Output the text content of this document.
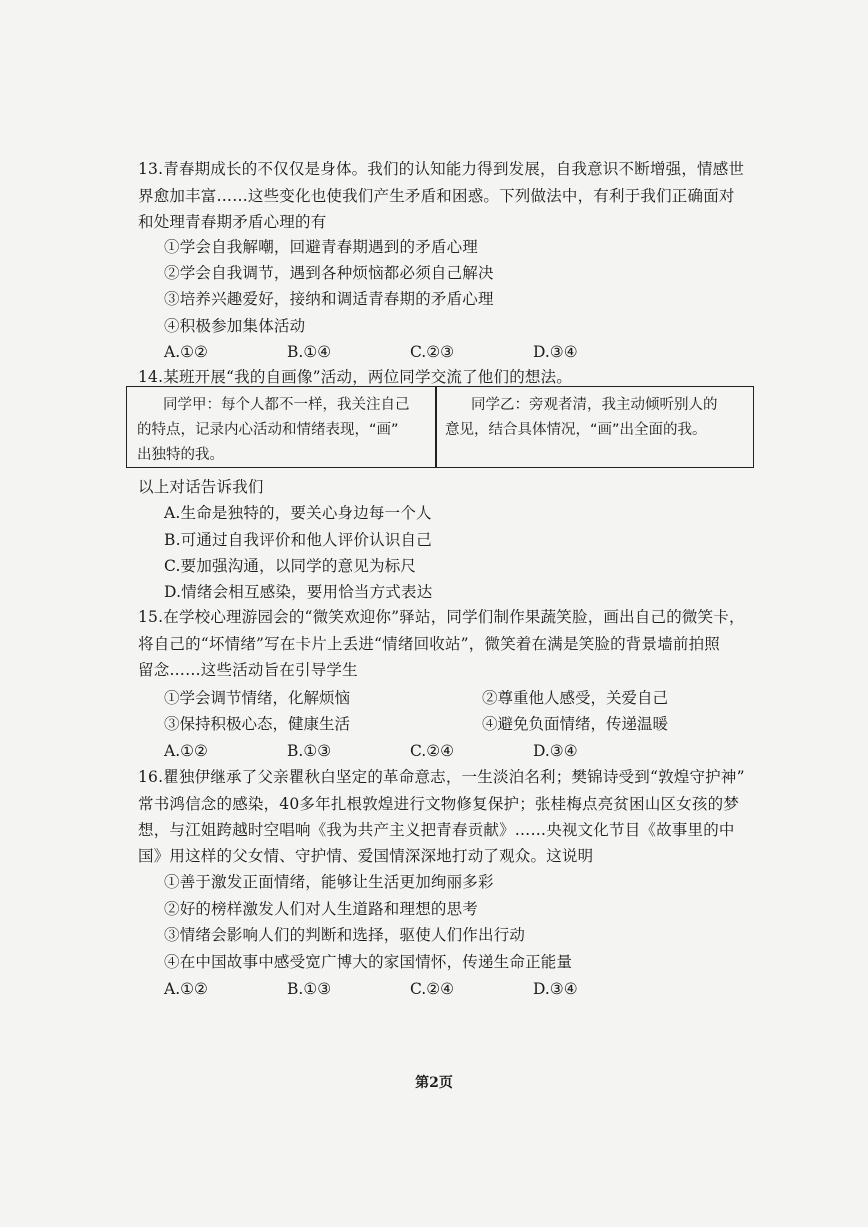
13.青春期成长的不仅仅是身体。我们的认知能力得到发展，自我意识不断增强，情感世
界愈加丰富……这些变化也使我们产生矛盾和困惑。下列做法中，有利于我们正确面对
和处理青春期矛盾心理的有
①学会自我解嘲，回避青春期遇到的矛盾心理
②学会自我调节，遇到各种烦恼都必须自己解决
③培养兴趣爱好，接纳和调适青春期的矛盾心理
④积极参加集体活动
A.①②	B.①④	C.②③	D.③④
14.某班开展“我的自画像”活动，两位同学交流了他们的想法。
同学甲：每个人都不一样，我关注自己
的特点，记录内心活动和情绪表现，“画”
出独特的我。
同学乙：旁观者清，我主动倾听别人的
意见，结合具体情况，“画”出全面的我。
以上对话告诉我们
A.生命是独特的，要关心身边每一个人
B.可通过自我评价和他人评价认识自己
C.要加强沟通，以同学的意见为标尺
D.情绪会相互感染，要用恰当方式表达
15.在学校心理游园会的“微笑欢迎你”驿站，同学们制作果蔬笑脸，画出自己的微笑卡，
将自己的“坏情绪”写在卡片上丢进“情绪回收站”，微笑着在满是笑脸的背景墙前拍照
留念……这些活动旨在引导学生
①学会调节情绪，化解烦恼	②尊重他人感受，关爱自己
③保持积极心态，健康生活	④避免负面情绪，传递温暖
A.①②	B.①③	C.②④	D.③④
16.瞿独伊继承了父亲瞿秋白坚定的革命意志，一生淡泊名利；樊锦诗受到“敦煌守护神”
常书鸿信念的感染，40多年扎根敦煌进行文物修复保护；张桂梅点亮贫困山区女孩的梦
想，与江姐跨越时空唱响《我为共产主义把青春贡献》……央视文化节目《故事里的中
国》用这样的父女情、守护情、爱国情深深地打动了观众。这说明
①善于激发正面情绪，能够让生活更加绚丽多彩
②好的榜样激发人们对人生道路和理想的思考
③情绪会影响人们的判断和选择，驱使人们作出行动
④在中国故事中感受宽广博大的家国情怀，传递生命正能量
A.①②	B.①③	C.②④	D.③④
第2页
